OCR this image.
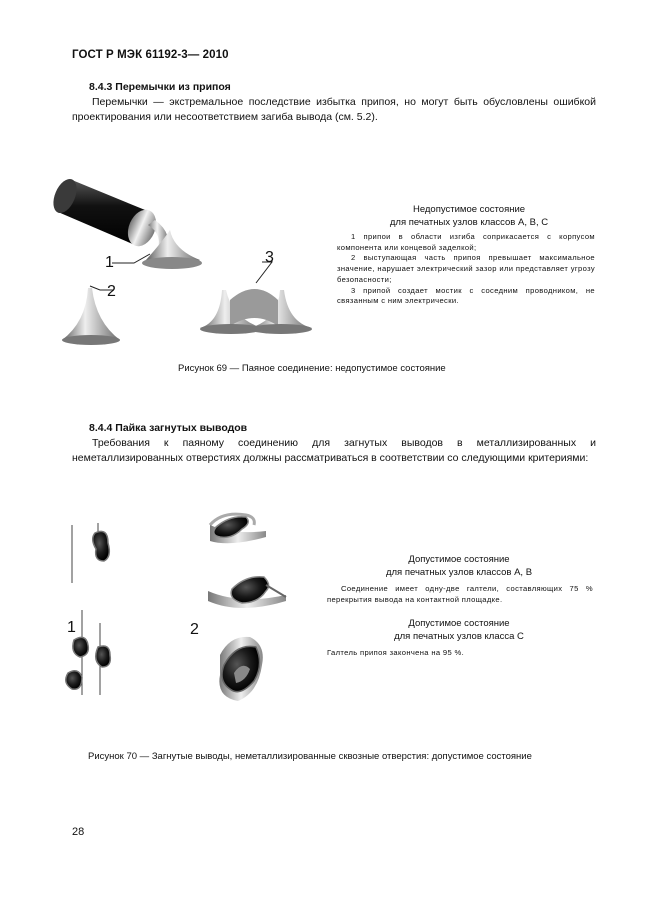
ГОСТ Р МЭК 61192-3— 2010
8.4.3 Перемычки из припоя
Перемычки — экстремальное последствие избытка припоя, но могут быть обусловлены ошибкой проектирования или несоответствием загиба вывода (см. 5.2).
1
2
3
Недопустимое состояние
для печатных узлов классов А, В, С

1 припои в области изгиба соприкасается с корпусом компонента или концевой заделкой;

2 выступающая часть припоя превышает максимальное значение, нарушает электрический зазор или представляет угрозу безопасности;

3 припой создает мостик с соседним проводником, не связанным с ним электрически.

Рисунок 69 — Паяное соединение: недопустимое состояние
8.4.4 Пайка загнутых выводов
Требования к паяному соединению для загнутых выводов в металлизированных и неметаллизированных отверстиях должны рассматриваться в соответствии со следующими критериями:
1	2
Допустимое состояние
для печатных узлов классов А, В

Соединение имеет одну-две галтели, составляющих 75 % перекрытия вывода на контактной площадке.

Допустимое состояние
для печатных узлов класса С

Галтель припоя закончена на 95 %.

Рисунок 70 — Загнутые выводы, неметаллизированные сквозные отверстия: допустимое состояние
28
